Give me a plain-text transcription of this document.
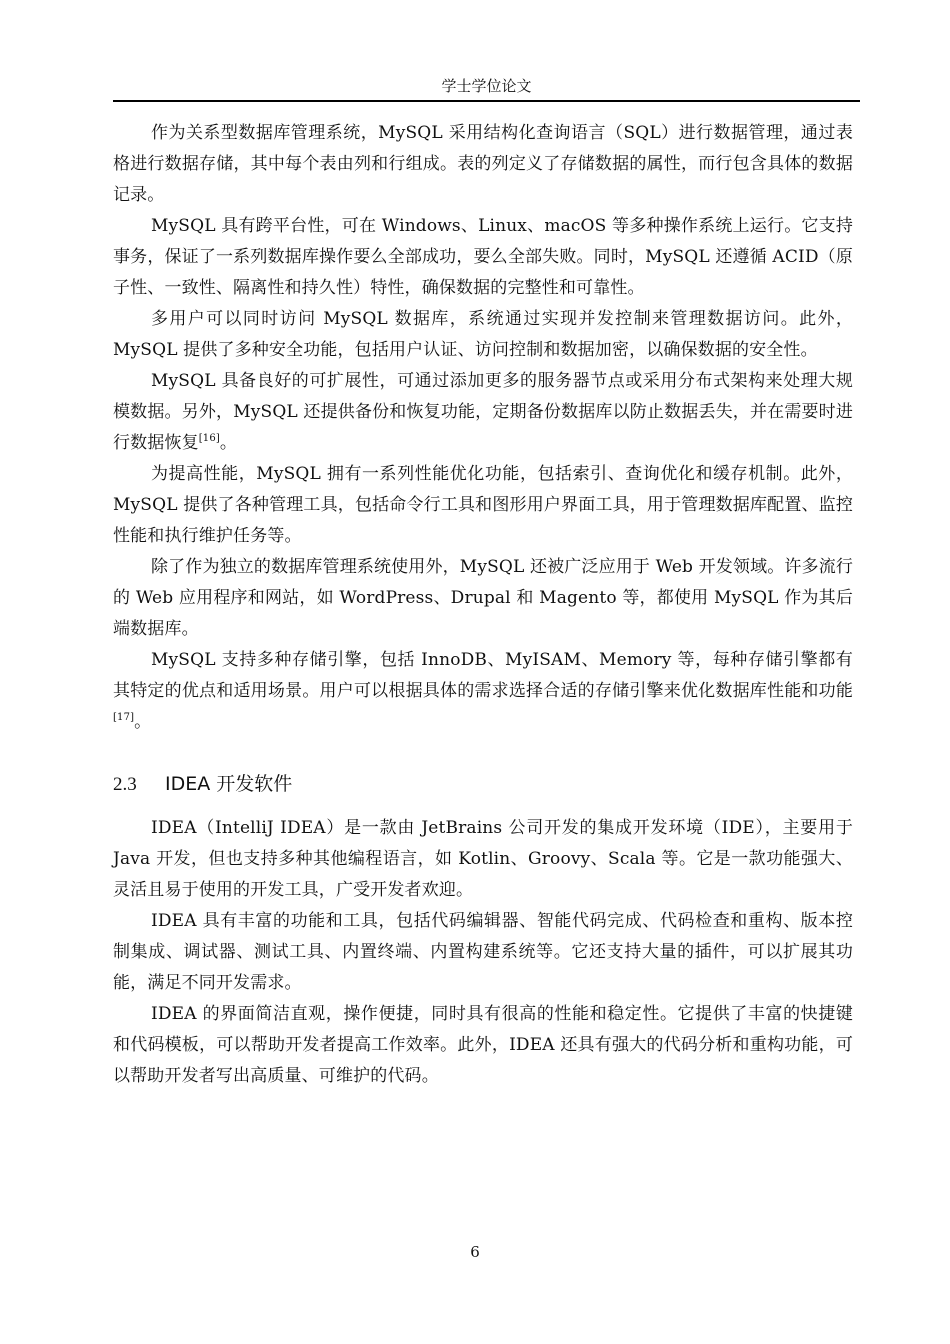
学士学位论文

作为关系型数据库管理系统，MySQL 采用结构化查询语言（SQL）进行数据管理，通过表格进行数据存储，其中每个表由列和行组成。表的列定义了存储数据的属性，而行包含具体的数据记录。

MySQL 具有跨平台性，可在 Windows、Linux、macOS 等多种操作系统上运行。它支持事务，保证了一系列数据库操作要么全部成功，要么全部失败。同时，MySQL 还遵循 ACID（原子性、一致性、隔离性和持久性）特性，确保数据的完整性和可靠性。

多用户可以同时访问 MySQL 数据库，系统通过实现并发控制来管理数据访问。此外，MySQL 提供了多种安全功能，包括用户认证、访问控制和数据加密，以确保数据的安全性。

MySQL 具备良好的可扩展性，可通过添加更多的服务器节点或采用分布式架构来处理大规模数据。另外，MySQL 还提供备份和恢复功能，定期备份数据库以防止数据丢失，并在需要时进行数据恢复[16]。

为提高性能，MySQL 拥有一系列性能优化功能，包括索引、查询优化和缓存机制。此外，MySQL 提供了各种管理工具，包括命令行工具和图形用户界面工具，用于管理数据库配置、监控性能和执行维护任务等。

除了作为独立的数据库管理系统使用外，MySQL 还被广泛应用于 Web 开发领域。许多流行的 Web 应用程序和网站，如 WordPress、Drupal 和 Magento 等，都使用 MySQL 作为其后端数据库。

MySQL 支持多种存储引擎，包括 InnoDB、MyISAM、Memory 等，每种存储引擎都有其特定的优点和适用场景。用户可以根据具体的需求选择合适的存储引擎来优化数据库性能和功能[17]。

2.3 IDEA 开发软件

IDEA（IntelliJ IDEA）是一款由 JetBrains 公司开发的集成开发环境（IDE），主要用于 Java 开发，但也支持多种其他编程语言，如 Kotlin、Groovy、Scala 等。它是一款功能强大、灵活且易于使用的开发工具，广受开发者欢迎。

IDEA 具有丰富的功能和工具，包括代码编辑器、智能代码完成、代码检查和重构、版本控制集成、调试器、测试工具、内置终端、内置构建系统等。它还支持大量的插件，可以扩展其功能，满足不同开发需求。

IDEA 的界面简洁直观，操作便捷，同时具有很高的性能和稳定性。它提供了丰富的快捷键和代码模板，可以帮助开发者提高工作效率。此外，IDEA 还具有强大的代码分析和重构功能，可以帮助开发者写出高质量、可维护的代码。

6
